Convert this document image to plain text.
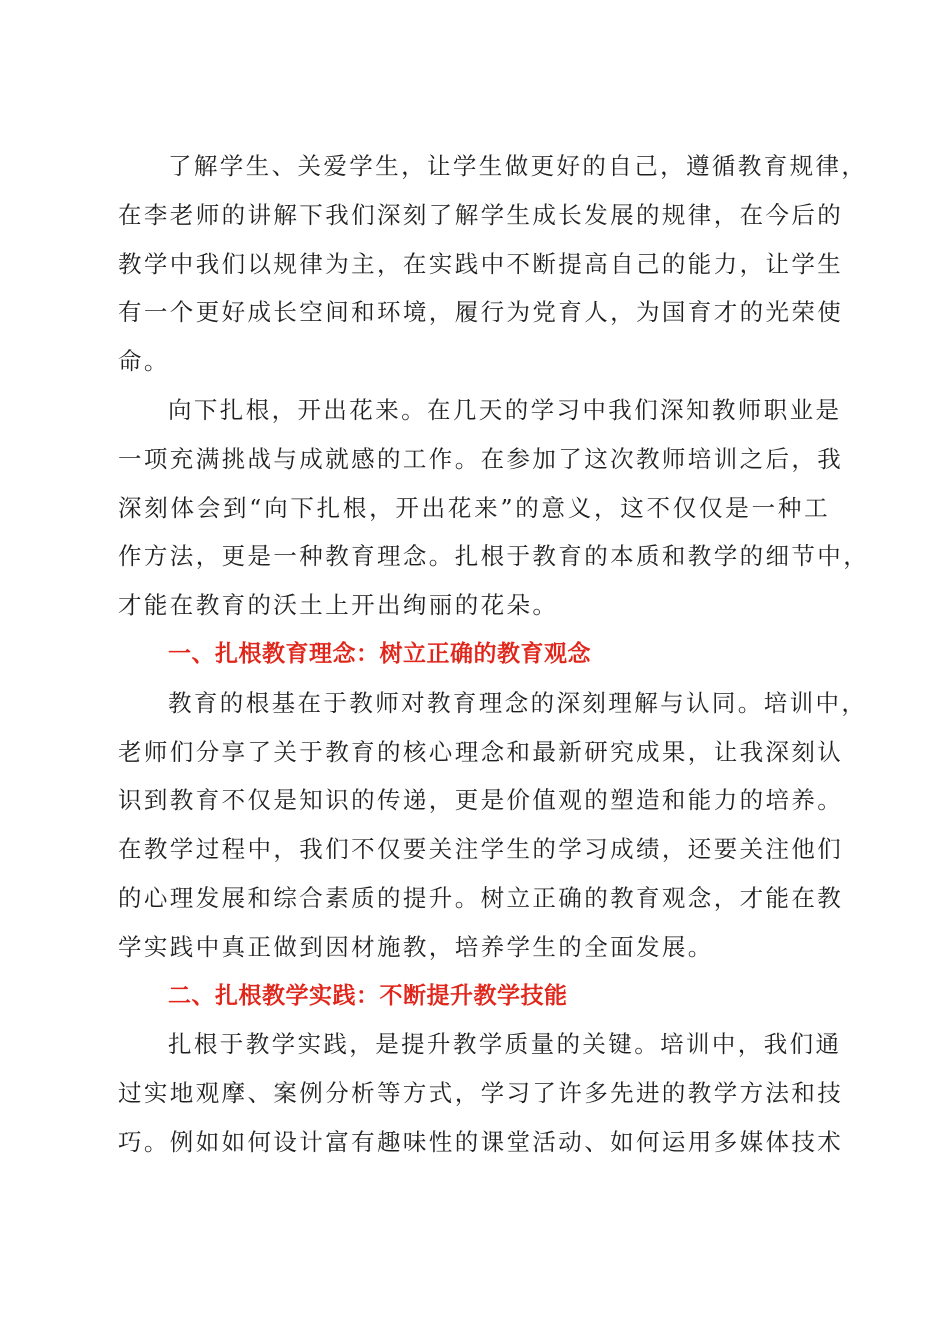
了解学生、关爱学生，让学生做更好的自己，遵循教育规律，
在李老师的讲解下我们深刻了解学生成长发展的规律，在今后的
教学中我们以规律为主，在实践中不断提高自己的能力，让学生
有一个更好成长空间和环境，履行为党育人，为国育才的光荣使
命。
向下扎根，开出花来。在几天的学习中我们深知教师职业是
一项充满挑战与成就感的工作。在参加了这次教师培训之后，我
深刻体会到“向下扎根，开出花来”的意义，这不仅仅是一种工
作方法，更是一种教育理念。扎根于教育的本质和教学的细节中，
才能在教育的沃土上开出绚丽的花朵。
一、扎根教育理念：树立正确的教育观念
教育的根基在于教师对教育理念的深刻理解与认同。培训中，
老师们分享了关于教育的核心理念和最新研究成果，让我深刻认
识到教育不仅是知识的传递，更是价值观的塑造和能力的培养。
在教学过程中，我们不仅要关注学生的学习成绩，还要关注他们
的心理发展和综合素质的提升。树立正确的教育观念，才能在教
学实践中真正做到因材施教，培养学生的全面发展。
二、扎根教学实践：不断提升教学技能
扎根于教学实践，是提升教学质量的关键。培训中，我们通
过实地观摩、案例分析等方式，学习了许多先进的教学方法和技
巧。例如如何设计富有趣味性的课堂活动、如何运用多媒体技术
